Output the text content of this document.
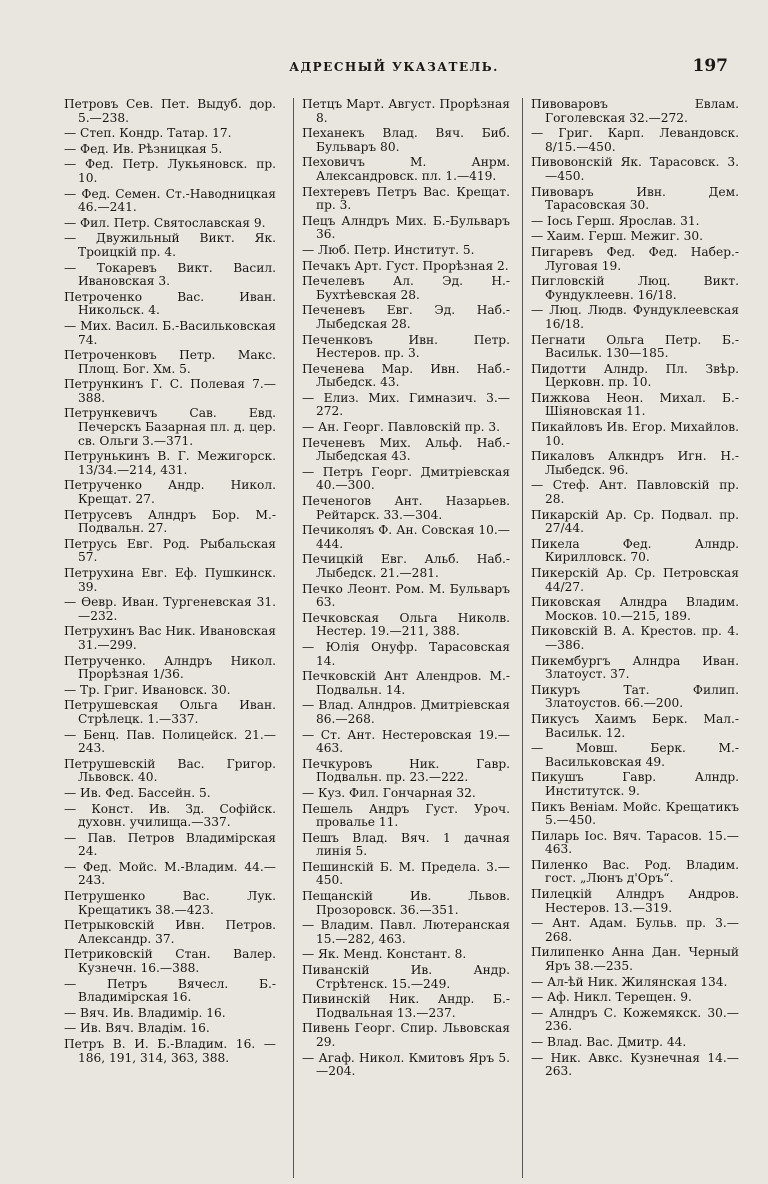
АДРЕСНЫЙ УКАЗАТЕЛЬ.	197

Петровъ Сев. Пет. Выдуб. дор. 5.—238.

— Степ. Кондр. Татар. 17.

— Фед. Ив. Рѣзницкая 5.

— Фед. Петр. Лукьяновск. пр. 10.

— Фед. Семен. Ст.-Наводницкая 46.—241.

— Фил. Петр. Святославская 9.

— Двужильный Викт. Як. Троицкій пр. 4.

— Токаревъ Викт. Васил. Ивановская 3.

Петроченко Вас. Иван. Никольск. 4.

— Мих. Васил. Б.-Васильковская 74.

Петроченковъ Петр. Макс. Площ. Бог. Хм. 5.

Петрункинъ Г. С. Полевая 7.—388.

Петрункевичъ Сав. Евд. Печерскъ Базарная пл. д. цер. св. Ольги 3.—371.

Петрунькинъ В. Г. Межигорск. 13/34.—214, 431.

Петрученко Андр. Никол. Крещат. 27.

Петрусевъ Алндръ Бор. М.-Подвальн. 27.

Петрусь Евг. Род. Рыбальская 57.

Петрухина Евг. Еф. Пушкинск. 39.

— Өевр. Иван. Тургеневская 31.—232.

Петрухинъ Вас Ник. Ивановская 31.—299.

Петрученко. Алндръ Никол. Прорѣзная 1/36.

— Тр. Григ. Ивановск. 30.

Петрушевская Ольга Иван. Стрѣлецк. 1.—337.

— Бенц. Пав. Полицейск. 21.—243.

Петрушевскій Вас. Григор. Львовск. 40.

— Ив. Фед. Бассейн. 5.

— Конст. Ив. Зд. Софійск. духовн. училища.—337.

— Пав. Петров Владимірская 24.

— Фед. Мойс. М.-Владим. 44.—243.

Петрушенко Вас. Лук. Крещатикъ 38.—423.

Петрыковскій Ивн. Петров. Александр. 37.

Петриковскій Стан. Валер. Кузнечн. 16.—388.

— Петръ Вячесл. Б.-Владимірская 16.

— Вяч. Ив. Владимір. 16.

— Ив. Вяч. Владім. 16.

Петръ В. И. Б.-Владим. 16. —186, 191, 314, 363, 388.

Петцъ Март. Август. Прорѣзная 8.

Пеханекъ Влад. Вяч. Биб. Бульваръ 80.

Пеховичъ М. Анрм. Александровск. пл. 1.—419.

Пехтеревъ Петръ Вас. Крещат. пр. 3.

Пецъ Алндръ Мих. Б.-Бульваръ 36.

— Люб. Петр. Институт. 5.

Печакъ Арт. Густ. Прорѣзная 2.

Печелевъ Ал. Эд. Н.-Бухтѣевская 28.

Печеневъ Евг. Эд. Наб.-Лыбедская 28.

Печенковъ Ивн. Петр. Нестеров. пр. 3.

Печенева Мар. Ивн. Наб.-Лыбедск. 43.

— Елиз. Мих. Гимназич. 3.—272.

— Ан. Георг. Павловскій пр. 3.

Печеневъ Мих. Альф. Наб.-Лыбедская 43.

— Петръ Георг. Дмитріевская 40.—300.

Печеногов Ант. Назарьев. Рейтарск. 33.—304.

Печиколяъ Ф. Ан. Совская 10.—444.

Печицкій Евг. Альб. Наб.-Лыбедск. 21.—281.

Печко Леонт. Ром. М. Бульваръ 63.

Печковская Ольга Николв. Нестер. 19.—211, 388.

— Юлія Онуфр. Тарасовская 14.

Печковскій Ант Алендров. М.-Подвальн. 14.

— Влад. Алндров. Дмитріевская 86.—268.

— Ст. Ант. Нестеровская 19.—463.

Печкуровъ Ник. Гавр. Подвальн. пр. 23.—222.

— Куз. Фил. Гончарная 32.

Пешель Андръ Густ. Уроч. провалье 11.

Пешъ Влад. Вяч. 1 дачная линія 5.

Пешинскій Б. М. Предела. 3.—450.

Пещанскій Ив. Львов. Прозоровск. 36.—351.

— Владим. Павл. Лютеранская 15.—282, 463.

— Як. Менд. Констант. 8.

Пиванскій Ив. Андр. Стрѣтенск. 15.—249.

Пивинскій Ник. Андр. Б.-Подвальная 13.—237.

Пивень Георг. Спир. Львовская 29.

— Агаф. Никол. Кмитовъ Яръ 5.—204.

Пивоваровъ Евлам. Гоголевская 32.—272.

— Григ. Карп. Левандовск. 8/15.—450.

Пивовонскій Як. Тарасовск. 3.—450.

Пивоваръ Ивн. Дем. Тарасовская 30.

— Іось Герш. Ярослав. 31.

— Хаим. Герш. Межиг. 30.

Пигаревъ Фед. Фед. Набер.-Луговая 19.

Пигловскій Люц. Викт. Фундуклеевн. 16/18.

— Люц. Людв. Фундуклеевская 16/18.

Пегнати Ольга Петр. Б.-Васильк. 130—185.

Пидотти Алндр. Пл. Звѣр. Церковн. пр. 10.

Пижкова Неон. Михал. Б.-Шіяновская 11.

Пикайловъ Ив. Егор. Михайлов. 10.

Пикаловъ Алкндръ Игн. Н.-Лыбедск. 96.

— Стеф. Ант. Павловскій пр. 28.

Пикарскій Ар. Ср. Подвал. пр. 27/44.

Пикела Фед. Алндр. Кирилловск. 70.

Пикерскій Ар. Ср. Петровская 44/27.

Пиковская Алндра Владим. Москов. 10.—215, 189.

Пиковскій В. А. Крестов. пр. 4.—386.

Пикембургъ Алндра Иван. Златоуст. 37.

Пикуръ Тат. Филип. Златоустов. 66.—200.

Пикусъ Хаимъ Берк. Мал.-Васильк. 12.

— Мовш. Берк. М.-Васильковская 49.

Пикушъ Гавр. Алндр. Институтск. 9.

Пикъ Веніам. Мойс. Крещатикъ 5.—450.

Пиларь Іос. Вяч. Тарасов. 15.—463.

Пиленко Вас. Род. Владим. гост. „Люнъ д'Оръ“.

Пилецкій Алндръ Андров. Нестеров. 13.—319.

— Ант. Адам. Бульв. пр. 3.—268.

Пилипенко Анна Дан. Черный Яръ 38.—235.

— Ал-ѣй Ник. Жилянская 134.

— Аф. Никл. Терещен. 9.

— Алндръ С. Кожемякск. 30.—236.

— Влад. Вас. Дмитр. 44.

— Ник. Авкс. Кузнечная 14.—263.
